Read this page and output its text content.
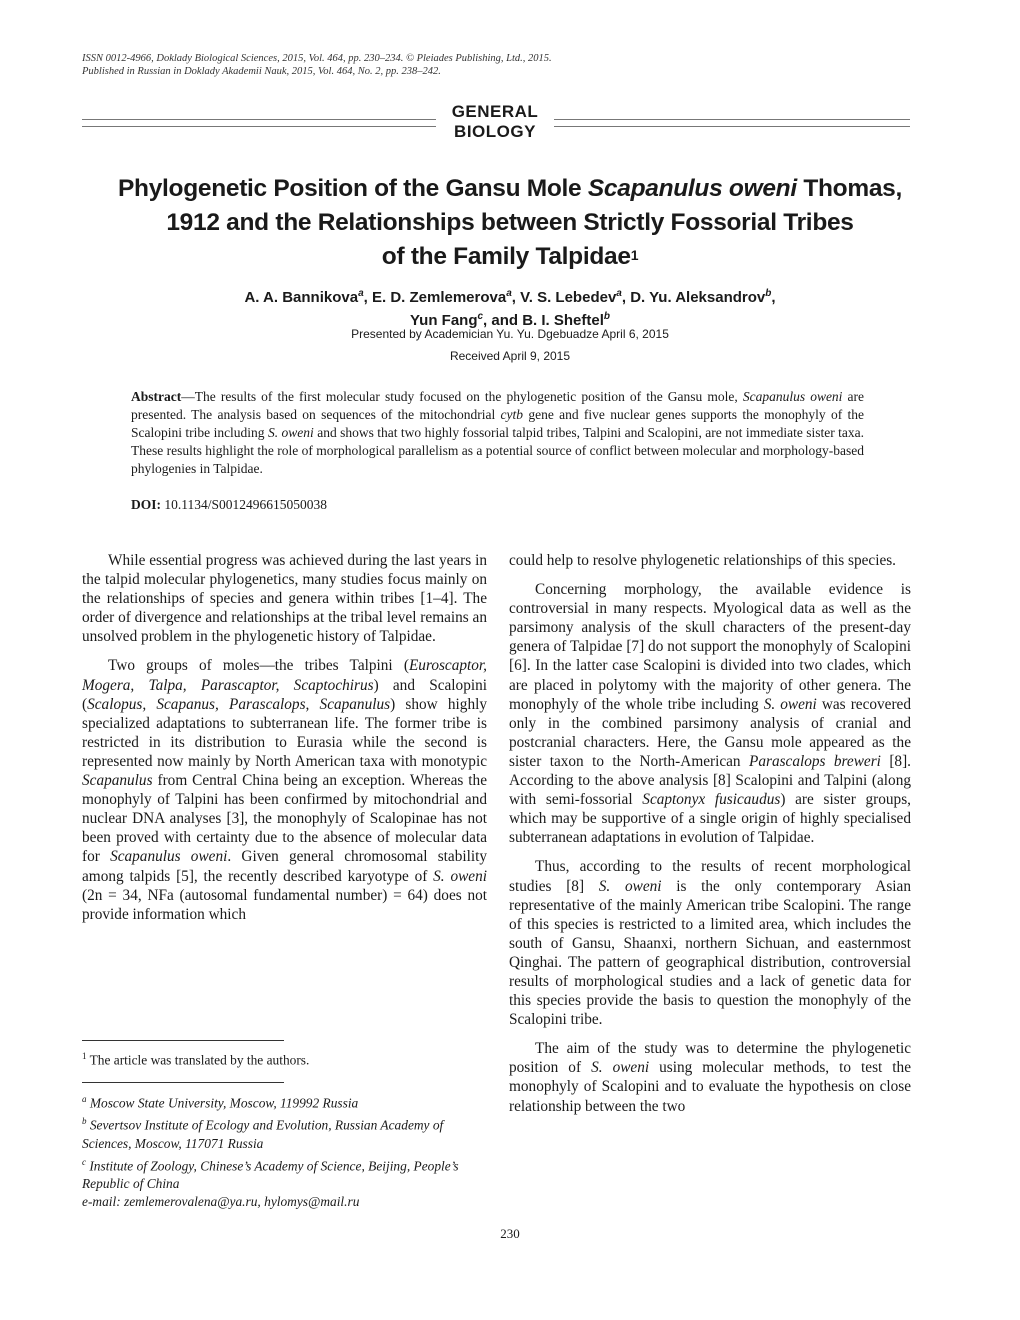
ISSN 0012-4966, Doklady Biological Sciences, 2015, Vol. 464, pp. 230–234. © Pleiades Publishing, Ltd., 2015.
Published in Russian in Doklady Akademii Nauk, 2015, Vol. 464, No. 2, pp. 238–242.
GENERAL
BIOLOGY
Phylogenetic Position of the Gansu Mole Scapanulus oweni Thomas,
1912 and the Relationships between Strictly Fossorial Tribes
of the Family Talpidae$^1$
A. A. Bannikova$^a$, E. D. Zemlemerova$^a$, V. S. Lebedev$^a$, D. Yu. Aleksandrov$^b$,
Yun Fang$^c$, and B. I. Sheftel$^b$
Presented by Academician Yu. Yu. Dgebuadze April 6, 2015
Received April 9, 2015
Abstract—The results of the first molecular study focused on the phylogenetic position of the Gansu mole, Scapanulus oweni are presented. The analysis based on sequences of the mitochondrial cytb gene and five nuclear genes supports the monophyly of the Scalopini tribe including S. oweni and shows that two highly fossorial talpid tribes, Talpini and Scalopini, are not immediate sister taxa. These results highlight the role of morphological parallelism as a potential source of conflict between molecular and morphology-based phylogenies in Talpidae.
DOI: 10.1134/S0012496615050038

While essential progress was achieved during the last years in the talpid molecular phylogenetics, many studies focus mainly on the relationships of species and genera within tribes [1–4]. The order of divergence and relationships at the tribal level remains an unsolved problem in the phylogenetic history of Talpidae.

Two groups of moles—the tribes Talpini (Euroscaptor, Mogera, Talpa, Parascaptor, Scaptochirus) and Scalopini (Scalopus, Scapanus, Parascalops, Scapanulus) show highly specialized adaptations to subterranean life. The former tribe is restricted in its distribution to Eurasia while the second is represented now mainly by North American taxa with monotypic Scapanulus from Central China being an exception. Whereas the monophyly of Talpini has been confirmed by mitochondrial and nuclear DNA analyses [3], the monophyly of Scalopinae has not been proved with certainty due to the absence of molecular data for Scapanulus oweni. Given general chromosomal stability among talpids [5], the recently described karyotype of S. oweni (2n = 34, NFa (autosomal fundamental number) = 64) does not provide information which

could help to resolve phylogenetic relationships of this species.

Concerning morphology, the available evidence is controversial in many respects. Myological data as well as the parsimony analysis of the skull characters of the present-day genera of Talpidae [7] do not support the monophyly of Scalopini [6]. In the latter case Scalopini is divided into two clades, which are placed in polytomy with the majority of other genera. The monophyly of the whole tribe including S. oweni was recovered only in the combined parsimony analysis of cranial and postcranial characters. Here, the Gansu mole appeared as the sister taxon to the North-American Parascalops breweri [8]. According to the above analysis [8] Scalopini and Talpini (along with semi-fossorial Scaptonyx fusicaudus) are sister groups, which may be supportive of a single origin of highly specialised subterranean adaptations in evolution of Talpidae.

Thus, according to the results of recent morphological studies [8] S. oweni is the only contemporary Asian representative of the mainly American tribe Scalopini. The range of this species is restricted to a limited area, which includes the south of Gansu, Shaanxi, northern Sichuan, and easternmost Qinghai. The pattern of geographical distribution, controversial results of morphological studies and a lack of genetic data for this species provide the basis to question the monophyly of the Scalopini tribe.

The aim of the study was to determine the phylogenetic position of S. oweni using molecular methods, to test the monophyly of Scalopini and to evaluate the hypothesis on close relationship between the two

$^1$ The article was translated by the authors.
$^a$ Moscow State University, Moscow, 119992 Russia
$^b$ Severtsov Institute of Ecology and Evolution, Russian Academy of Sciences, Moscow, 117071 Russia
$^c$ Institute of Zoology, Chinese’s Academy of Science, Beijing, People’s Republic of China
e-mail: zemlemerovalena@ya.ru, hylomys@mail.ru
230
